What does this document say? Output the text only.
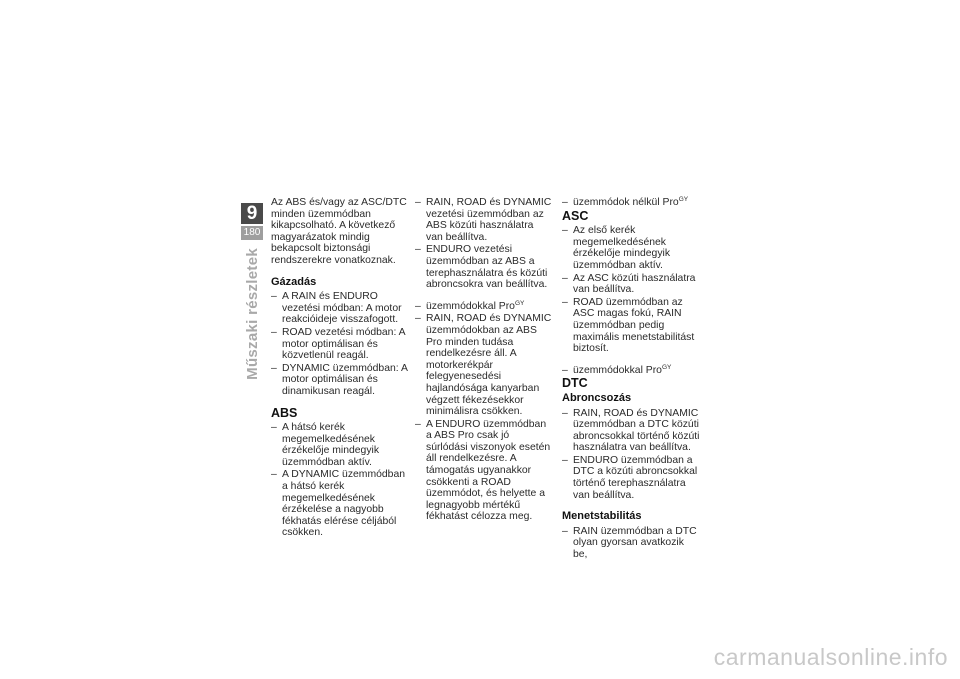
9
180
Műszaki részletek

Az ABS és/vagy az ASC/DTC minden üzemmódban kikapcsolható. A következő magyarázatok mindig bekapcsolt biztonsági rendszerekre vonatkoznak.

Gázadás
– A RAIN és ENDURO vezetési módban: A motor reakcióideje visszafogott.
– ROAD vezetési módban: A motor optimálisan és közvetlenül reagál.
– DYNAMIC üzemmódban: A motor optimálisan és dinamikusan reagál.
ABS
– A hátsó kerék megemelkedésének érzékelője mindegyik üzemmódban aktív.
– A DYNAMIC üzemmódban a hátsó kerék megemelkedésének érzékelése a nagyobb fékhatás elérése céljából csökken.
– RAIN, ROAD és DYNAMIC vezetési üzemmódban az ABS közúti használatra van beállítva.
– ENDURO vezetési üzemmódban az ABS a terephasználatra és közúti abroncsokra van beállítva.
– üzemmódokkal Pro$^{GY}$
– RAIN, ROAD és DYNAMIC üzemmódokban az ABS Pro minden tudása rendelkezésre áll. A motorkerékpár felegyenesedési hajlandósága kanyarban végzett fékezésekkor minimálisra csökken.
– A ENDURO üzemmódban a ABS Pro csak jó súrlódási viszonyok esetén áll rendelkezésre. A támogatás ugyanakkor csökkenti a ROAD üzemmódot, és helyette a legnagyobb mértékű fékhatást célozza meg.
– üzemmódok nélkül Pro$^{GY}$
ASC
– Az első kerék megemelkedésének érzékelője mindegyik üzemmódban aktív.
– Az ASC közúti használatra van beállítva.
– ROAD üzemmódban az ASC magas fokú, RAIN üzemmódban pedig maximális menetstabilitást biztosít.
– üzemmódokkal Pro$^{GY}$
DTC
Abroncsozás
– RAIN, ROAD és DYNAMIC üzemmódban a DTC közúti abroncsokkal történő közúti használatra van beállítva.
– ENDURO üzemmódban a DTC a közúti abroncsokkal történő terephasználatra van beállítva.
Menetstabilitás
– RAIN üzemmódban a DTC olyan gyorsan avatkozik be,
carmanualsonline.info
